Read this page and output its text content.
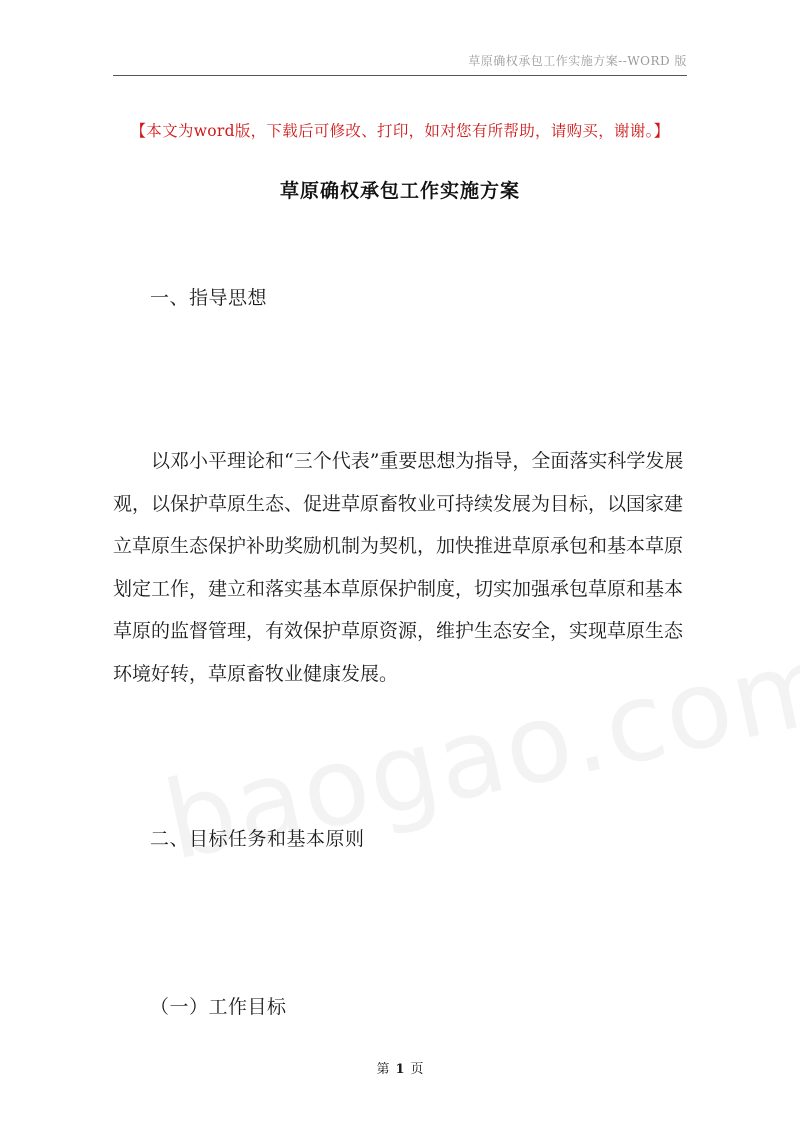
草原确权承包工作实施方案--WORD 版
【本文为word版，下载后可修改、打印，如对您有所帮助，请购买，谢谢。】
草原确权承包工作实施方案
一、指导思想
以邓小平理论和“三个代表”重要思想为指导，全面落实科学发展
观，以保护草原生态、促进草原畜牧业可持续发展为目标，以国家建
立草原生态保护补助奖励机制为契机，加快推进草原承包和基本草原
划定工作，建立和落实基本草原保护制度，切实加强承包草原和基本
草原的监督管理，有效保护草原资源，维护生态安全，实现草原生态
环境好转，草原畜牧业健康发展。
二、目标任务和基本原则
（一）工作目标
第 1 页
